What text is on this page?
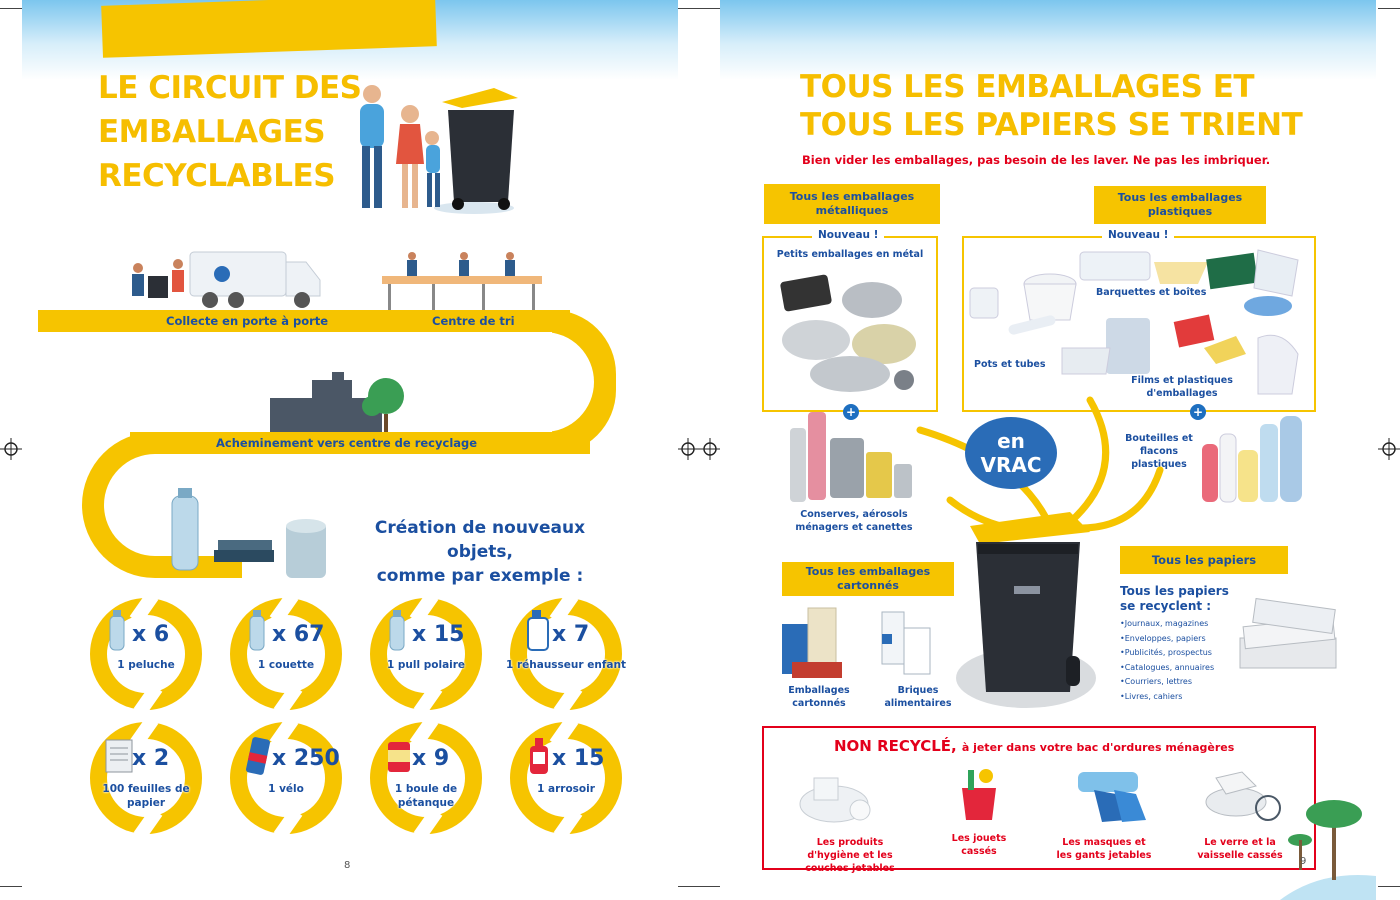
LE CIRCUIT DES
EMBALLAGES
RECYCLABLES
Collecte en porte à porte	Centre de tri
Acheminement vers centre de recyclage
Création de nouveaux objets,
comme par exemple :
x 6
1 peluche
x 67
1 couette
x 15
1 pull polaire
x 7
1 réhausseur enfant
x 2
100 feuilles de papier
x 250
1 vélo
x 9
1 boule de pétanque
x 15
1 arrosoir
8
TOUS LES EMBALLAGES ET
TOUS LES PAPIERS SE TRIENT
Bien vider les emballages, pas besoin de les laver. Ne pas les imbriquer.
Tous les emballages métalliques
Nouveau !
Petits emballages en métal
+
Conserves, aérosols ménagers et canettes
Tous les emballages plastiques
Nouveau !
Barquettes et boîtes
Pots et tubes
Films et plastiques d'emballages
+
Bouteilles et flacons plastiques
en
VRAC
Tous les emballages cartonnés
Emballages cartonnés
Briques alimentaires
Tous les papiers
Tous les papiers se recyclent :
• Journaux, magazines
• Enveloppes, papiers
• Publicités, prospectus
• Catalogues, annuaires
• Courriers, lettres
• Livres, cahiers
NON RECYCLÉ, à jeter dans votre bac d'ordures ménagères
Les produits d'hygiène et les couches jetables
Les jouets cassés
Les masques et les gants jetables
Le verre et la vaisselle cassés
9
